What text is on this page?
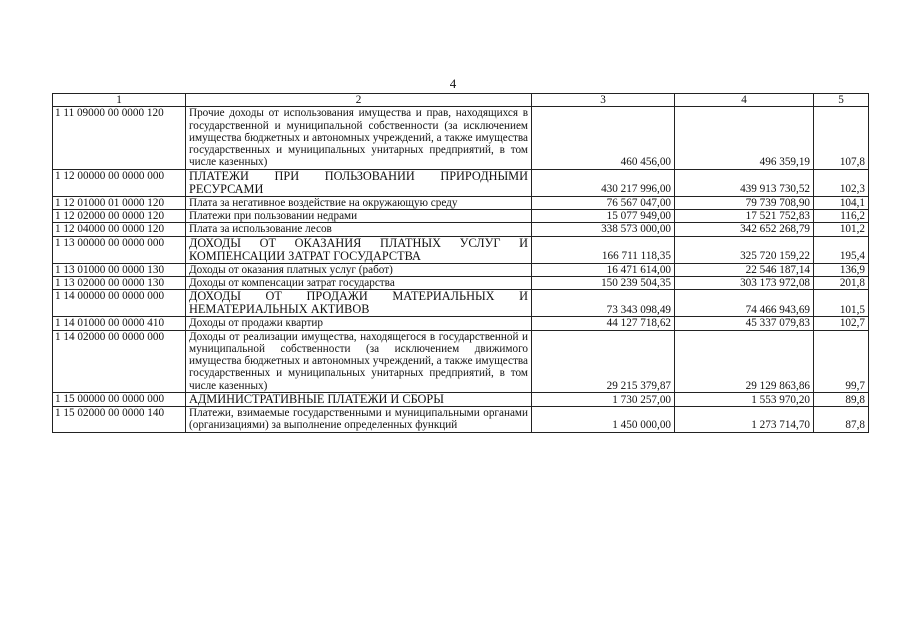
4
1	2	3	4	5
1 11 09000 00 0000 120	Прочие доходы от использования имущества и прав, находящихся в государственной и муниципальной собственности (за исключением имущества бюджетных и автономных учреждений, а также имущества государственных и муниципальных унитарных предприятий, в том числе казенных)	460 456,00	496 359,19	107,8
1 12 00000 00 0000 000	ПЛАТЕЖИ ПРИ ПОЛЬЗОВАНИИ ПРИРОДНЫМИ РЕСУРСАМИ	430 217 996,00	439 913 730,52	102,3
1 12 01000 01 0000 120	Плата за негативное воздействие на окружающую среду	76 567 047,00	79 739 708,90	104,1
1 12 02000 00 0000 120	Платежи при пользовании недрами	15 077 949,00	17 521 752,83	116,2
1 12 04000 00 0000 120	Плата за использование лесов	338 573 000,00	342 652 268,79	101,2
1 13 00000 00 0000 000	ДОХОДЫ ОТ ОКАЗАНИЯ ПЛАТНЫХ УСЛУГ И КОМПЕНСАЦИИ ЗАТРАТ ГОСУДАРСТВА	166 711 118,35	325 720 159,22	195,4
1 13 01000 00 0000 130	Доходы от оказания платных услуг (работ)	16 471 614,00	22 546 187,14	136,9
1 13 02000 00 0000 130	Доходы от компенсации затрат государства	150 239 504,35	303 173 972,08	201,8
1 14 00000 00 0000 000	ДОХОДЫ ОТ ПРОДАЖИ МАТЕРИАЛЬНЫХ И НЕМАТЕРИАЛЬНЫХ АКТИВОВ	73 343 098,49	74 466 943,69	101,5
1 14 01000 00 0000 410	Доходы от продажи квартир	44 127 718,62	45 337 079,83	102,7
1 14 02000 00 0000 000	Доходы от реализации имущества, находящегося в государственной и муниципальной собственности (за исключением движимого имущества бюджетных и автономных учреждений, а также имущества государственных и муниципальных унитарных предприятий, в том числе казенных)	29 215 379,87	29 129 863,86	99,7
1 15 00000 00 0000 000	АДМИНИСТРАТИВНЫЕ ПЛАТЕЖИ И СБОРЫ	1 730 257,00	1 553 970,20	89,8
1 15 02000 00 0000 140	Платежи, взимаемые государственными и муниципальными органами (организациями) за выполнение определенных функций	1 450 000,00	1 273 714,70	87,8
